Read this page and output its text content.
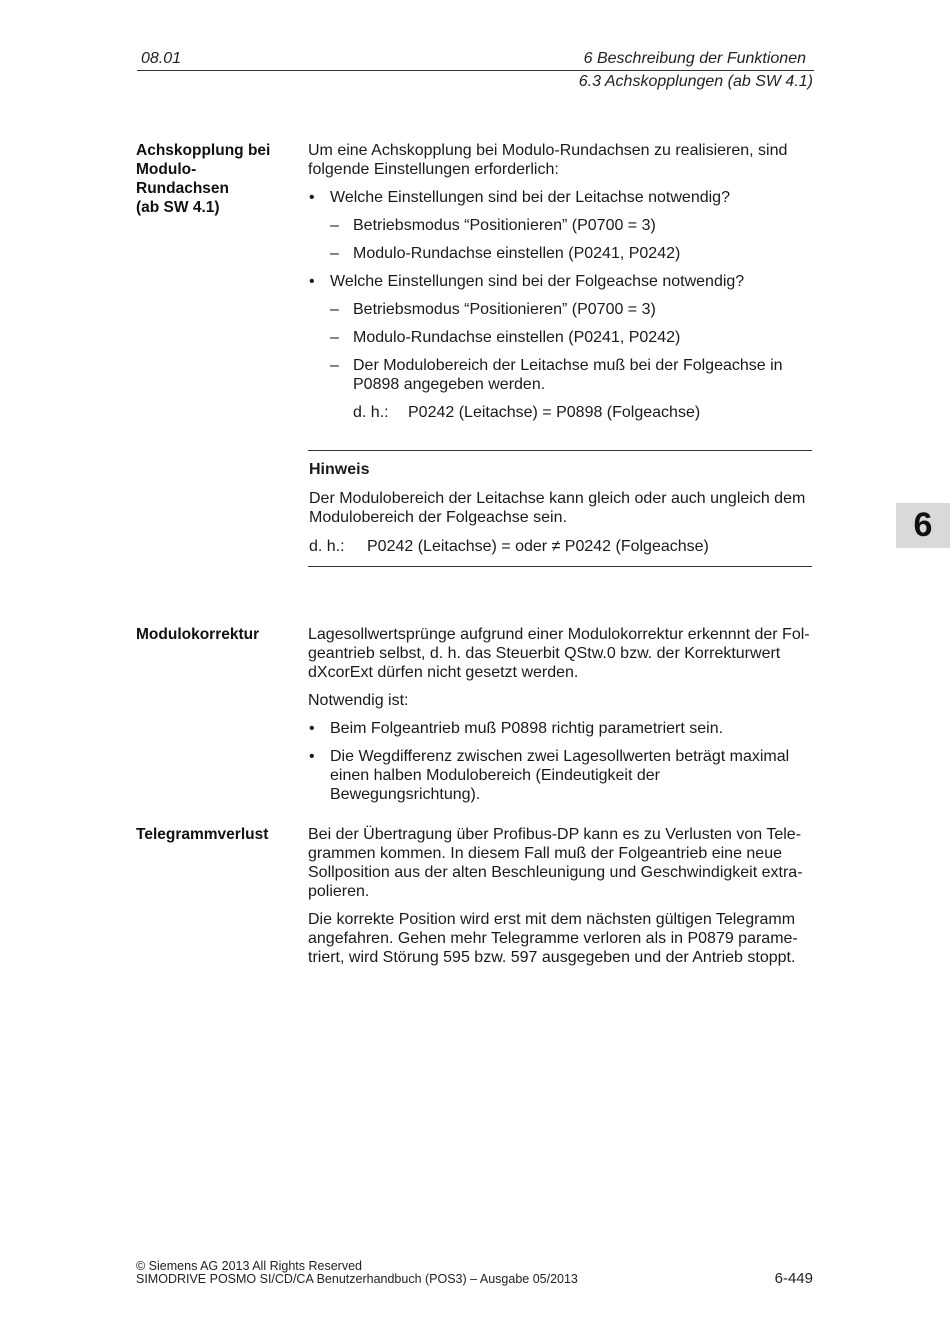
08.01	6 Beschreibung der Funktionen
6.3 Achskopplungen (ab SW 4.1)
6
Achskopplung bei
Modulo-
Rundachsen
(ab SW 4.1)

Um eine Achskopplung bei Modulo-Rundachsen zu realisieren, sind folgende Einstellungen erforderlich:

• Welche Einstellungen sind bei der Leitachse notwendig?
– Betriebsmodus “Positionieren” (P0700 = 3)
– Modulo-Rundachse einstellen (P0241, P0242)
• Welche Einstellungen sind bei der Folgeachse notwendig?
– Betriebsmodus “Positionieren” (P0700 = 3)
– Modulo-Rundachse einstellen (P0241, P0242)
– Der Modulobereich der Leitachse muß bei der Folgeachse in P0898 angegeben werden.
d. h.: P0242 (Leitachse) = P0898 (Folgeachse)
Hinweis
Der Modulobereich der Leitachse kann gleich oder auch ungleich dem Modulobereich der Folgeachse sein.
d. h.: P0242 (Leitachse) = oder ≠ P0242 (Folgeachse)
Modulokorrektur	Lagesollwertsprünge aufgrund einer Modulokorrektur erkennnt der Fol-geantrieb selbst, d. h. das Steuerbit QStw.0 bzw. der Korrekturwert dXcorExt dürfen nicht gesetzt werden.

Notwendig ist:

• Beim Folgeantrieb muß P0898 richtig parametriert sein.
• Die Wegdifferenz zwischen zwei Lagesollwerten beträgt maximal einen halben Modulobereich (Eindeutigkeit der Bewegungsrichtung).
Telegrammverlust	Bei der Übertragung über Profibus-DP kann es zu Verlusten von Tele-grammen kommen. In diesem Fall muß der Folgeantrieb eine neue Sollposition aus der alten Beschleunigung und Geschwindigkeit extra-polieren.

Die korrekte Position wird erst mit dem nächsten gültigen Telegramm angefahren. Gehen mehr Telegramme verloren als in P0879 parame-triert, wird Störung 595 bzw. 597 ausgegeben und der Antrieb stoppt.

© Siemens AG 2013 All Rights Reserved
SIMODRIVE POSMO SI/CD/CA Benutzerhandbuch (POS3) – Ausgabe 05/2013	6-449
